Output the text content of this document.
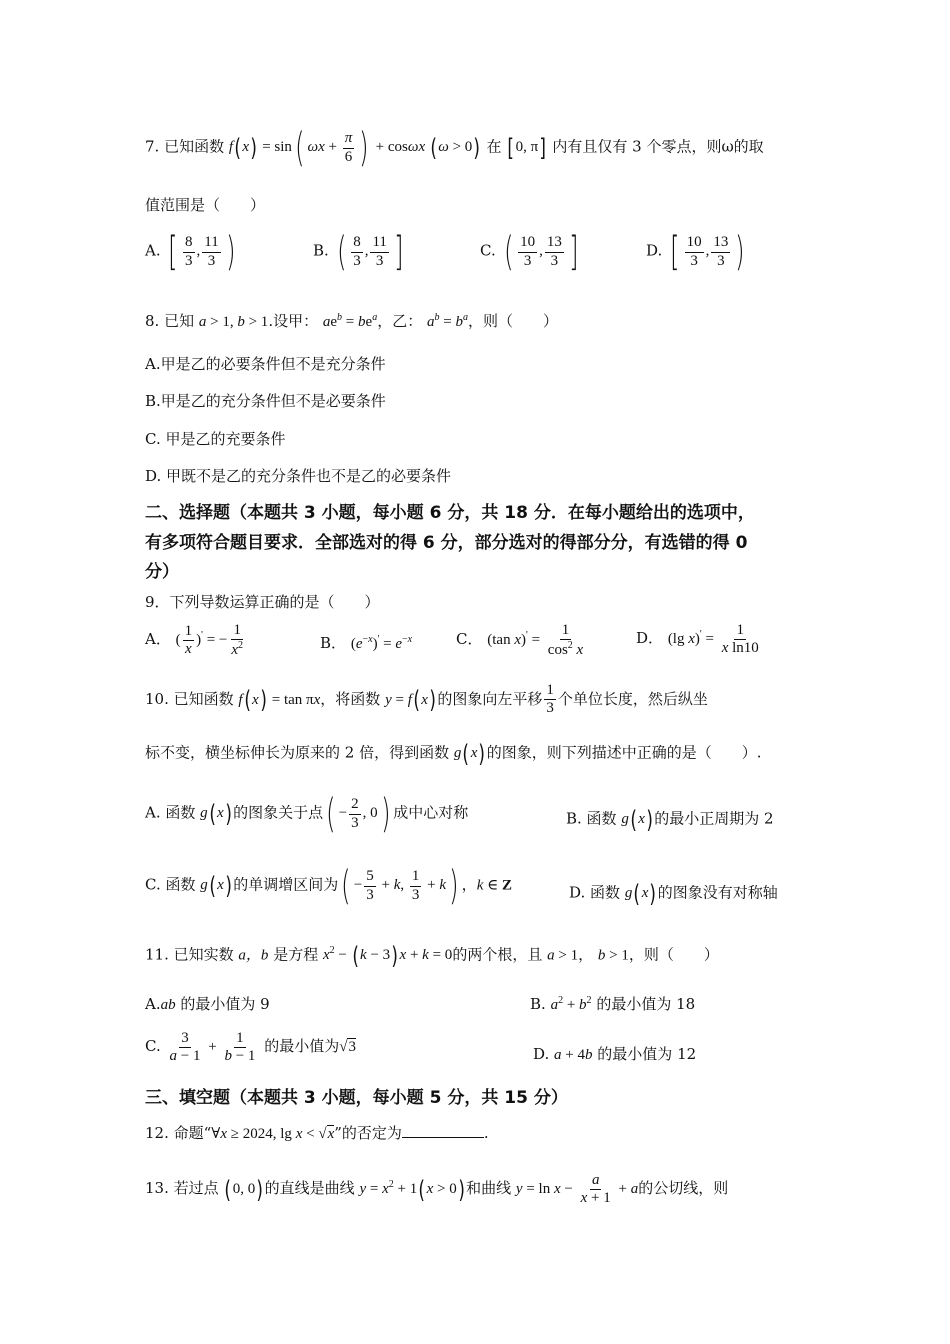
7. 已知函数 f(x) = sin( $\omega x + \frac{\pi}{6}$ ) + cosωx (ω > 0) 在 [0, π] 内有且仅有 3 个零点，则ω的取
值范围是（　　）
A. [ $\frac{8}{3}$ , $\frac{11}{3}$ )	B. ( $\frac{8}{3}$ , $\frac{11}{3}$ ]	C. ( $\frac{10}{3}$ , $\frac{13}{3}$ ]	D. [ $\frac{10}{3}$ , $\frac{13}{3}$ )
8. 已知 a > 1, b > 1.设甲： $ae^b = be^a$，乙： $a^b = b^a$，则（　　）
A.甲是乙的必要条件但不是充分条件
B.甲是乙的充分条件但不是必要条件
C. 甲是乙的充要条件
D. 甲既不是乙的充分条件也不是乙的必要条件
二、选择题（本题共 3 小题，每小题 6 分，共 18 分．在每小题给出的选项中，
有多项符合题目要求．全部选对的得 6 分，部分选对的得部分分，有选错的得 0
分）
9．下列导数运算正确的是（　　）
A． ( $\frac{1}{x} )'$ = − $\frac{1}{x^2}$	B． $(e^{-x})' = e^{-x}$	C． (tan $x)' = \frac{1}{\cos^2 x}$	D． (lg $x)' = \frac{1}{\text{x ln10}}$
10. 已知函数 f(x) = tan πx，将函数 y = f(x)的图象向左平移 $\frac{1}{3}$ 个单位长度，然后纵坐
标不变，横坐标伸长为原来的 2 倍，得到函数 g(x)的图象，则下列描述中正确的是（　　）.
A. 函数 g(x)的图象关于点( − $\frac{2}{3}$ , 0) 成中心对称	B. 函数 g(x)的最小正周期为 2
C. 函数 g(x)的单调增区间为( − $\frac{5}{3} + k$, $\frac{1}{3} + k$) ，k ∈ Z	D. 函数 g(x)的图象没有对称轴
11. 已知实数 a，b 是方程 $x^2 - (k - 3)x + k = 0$的两个根，且 a > 1， b > 1，则（　　）
A.ab 的最小值为 9	B. $a^2 + b^2$ 的最小值为 18
C. $\frac{3}{a - 1} + \frac{1}{b - 1}$ 的最小值为√3	D. a + 4b 的最小值为 12
三、填空题（本题共 3 小题，每小题 5 分，共 15 分）
12. 命题“∀x ≥ 2024, lg x < √x”的否定为	.
13. 若过点 (0, 0)的直线是曲线 $y = x^2 + 1(x > 0)$和曲线 $y = \ln x - \frac{a}{x + 1} + a$的公切线，则
